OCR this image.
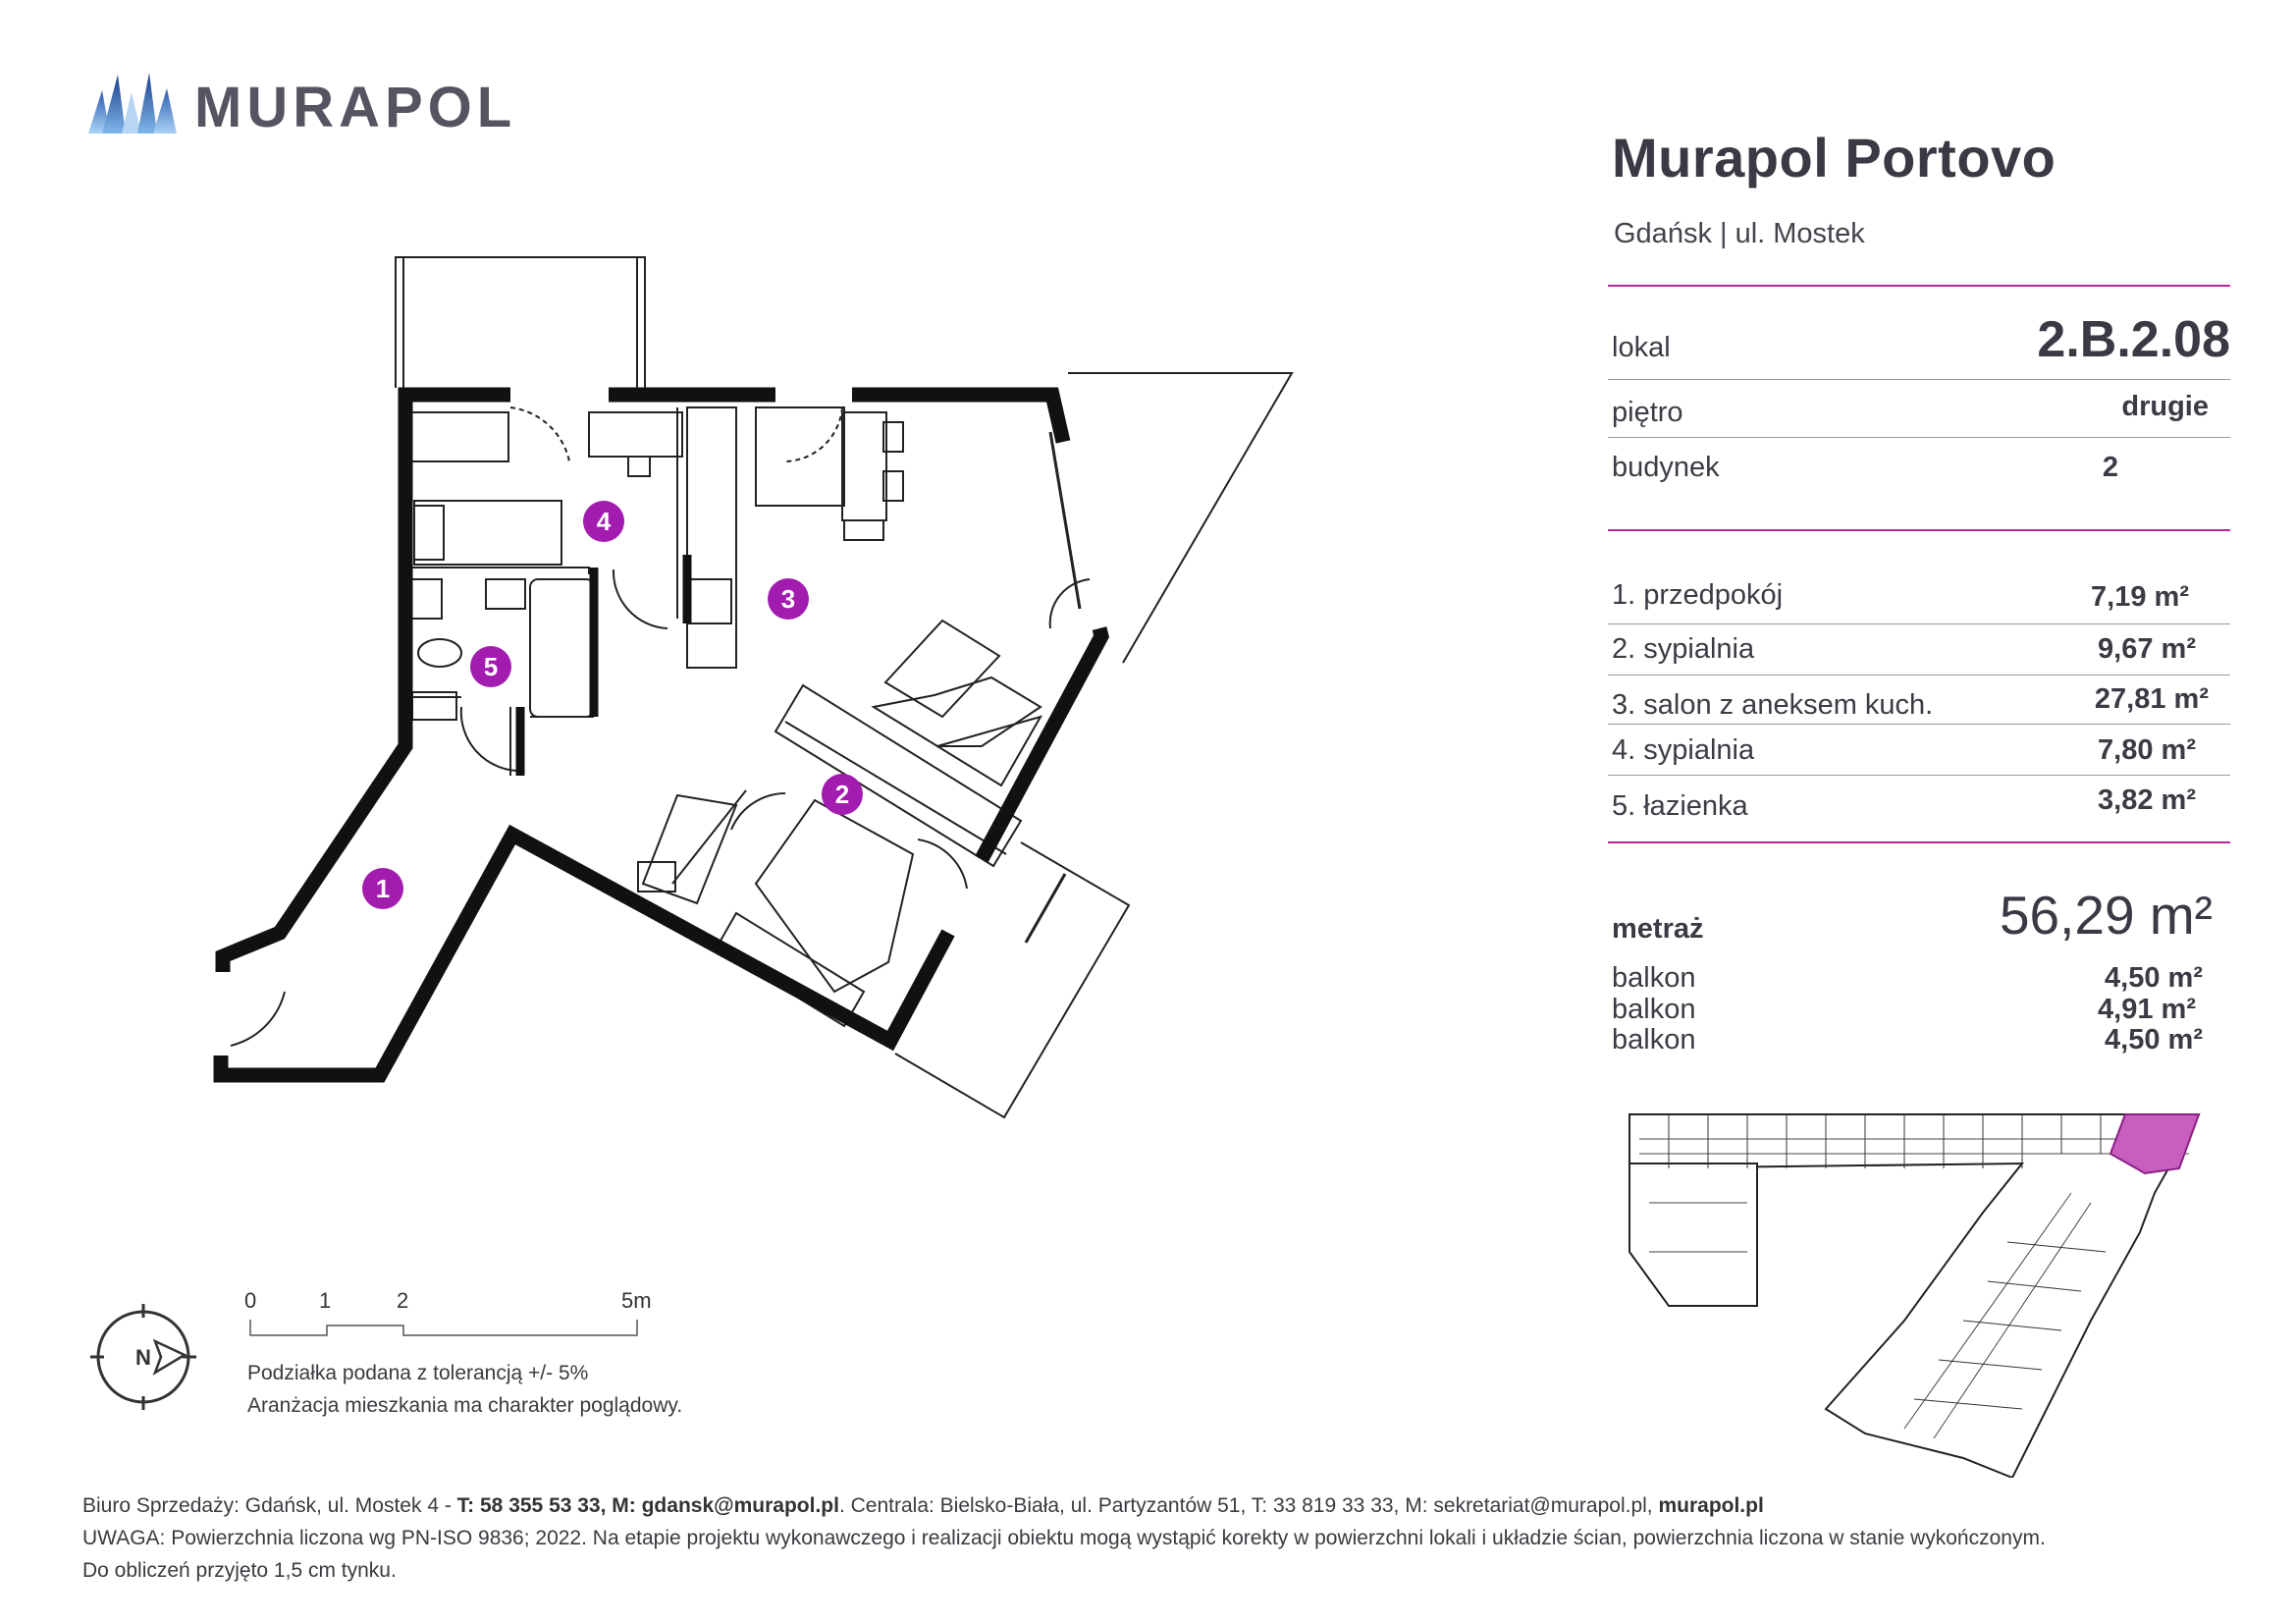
MURAPOL
Murapol Portovo
Gdańsk | ul. Mostek
lokal	2.B.2.08
piętro	drugie
budynek	2
1. przedpokój	7,19 m²
2. sypialnia	9,67 m²
3. salon z aneksem kuch.	27,81 m²
4. sypialnia	7,80 m²
5. łazienka	3,82 m²
metraż	56,29 m²
balkon	4,50 m²
balkon	4,91 m²
balkon	4,50 m²
1
2
3
4
5
N
0	1	2	5m
Podziałka podana z tolerancją +/- 5%
Aranżacja mieszkania ma charakter poglądowy.
Biuro Sprzedaży: Gdańsk, ul. Mostek 4 - T: 58 355 53 33, M: gdansk@murapol.pl. Centrala: Bielsko-Biała, ul. Partyzantów 51, T: 33 819 33 33, M: sekretariat@murapol.pl, murapol.pl
UWAGA: Powierzchnia liczona wg PN-ISO 9836; 2022. Na etapie projektu wykonawczego i realizacji obiektu mogą wystąpić korekty w powierzchni lokali i układzie ścian, powierzchnia liczona w stanie wykończonym.
Do obliczeń przyjęto 1,5 cm tynku.
